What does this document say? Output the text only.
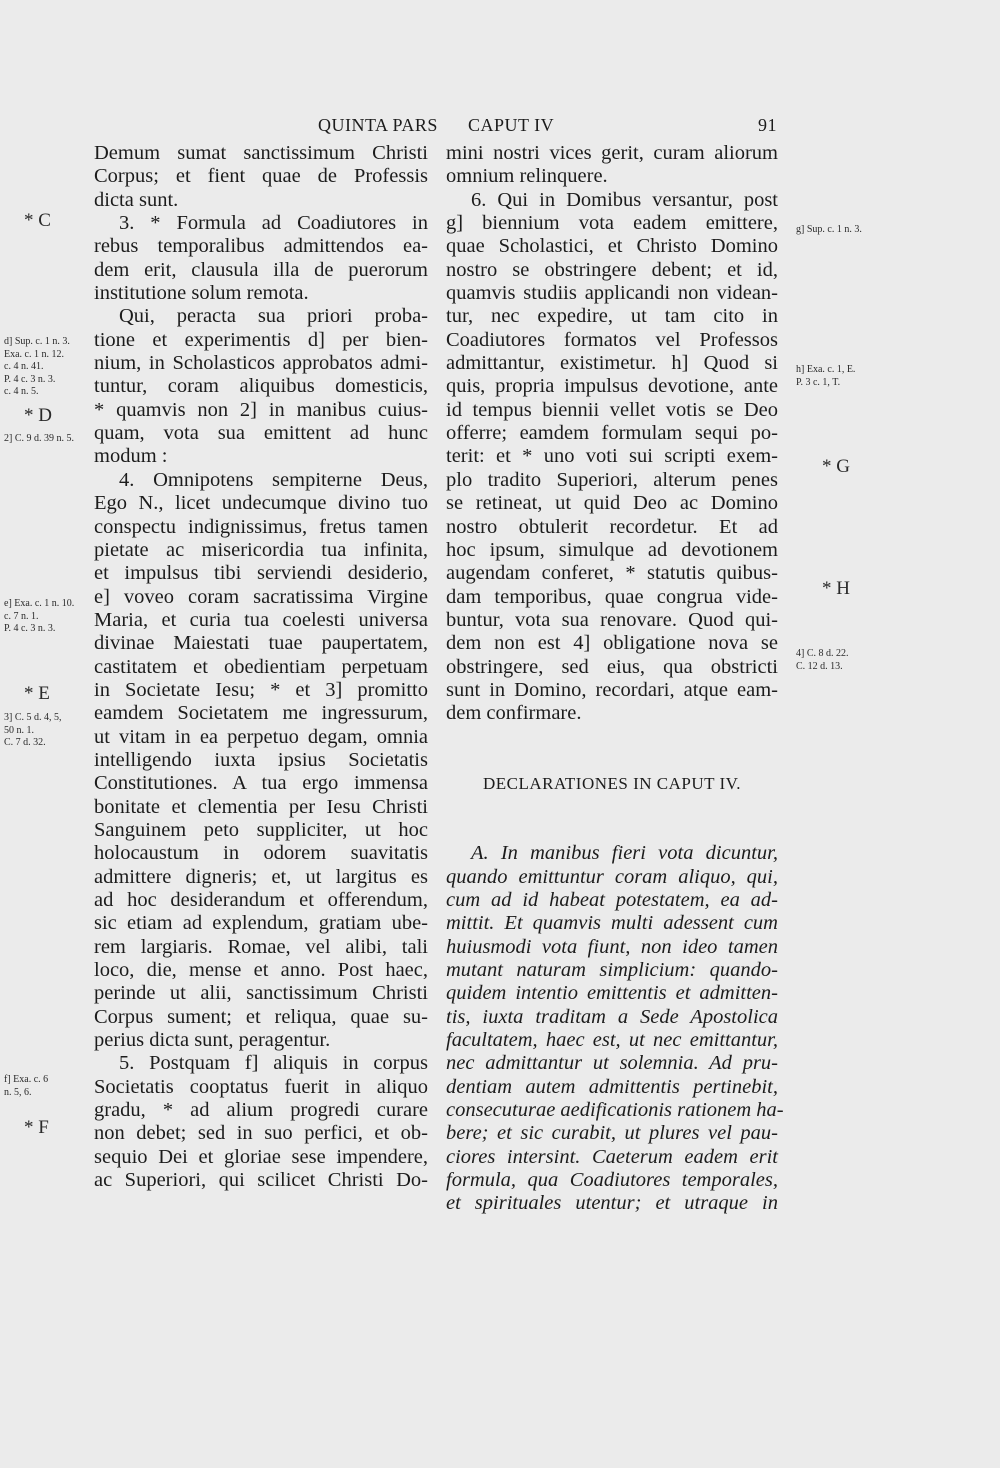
QUINTA PARS CAPUT IV	91
Demum sumat sanctissimum Christi
Corpus; et fient quae de Professis
dicta sunt.
3. * Formula ad Coadiutores in
rebus temporalibus admittendos ea-
dem erit, clausula illa de puerorum
institutione solum remota.
Qui, peracta sua priori proba-
tione et experimentis d] per bien-
nium, in Scholasticos approbatos admi-
tuntur, coram aliquibus domesticis,
* quamvis non 2] in manibus cuius-
quam, vota sua emittent ad hunc
modum :
4. Omnipotens sempiterne Deus,
Ego N., licet undecumque divino tuo
conspectu indignissimus, fretus tamen
pietate ac misericordia tua infinita,
et impulsus tibi serviendi desiderio,
e] voveo coram sacratissima Virgine
Maria, et curia tua coelesti universa
divinae Maiestati tuae paupertatem,
castitatem et obedientiam perpetuam
in Societate Iesu; * et 3] promitto
eamdem Societatem me ingressurum,
ut vitam in ea perpetuo degam, omnia
intelligendo iuxta ipsius Societatis
Constitutiones. A tua ergo immensa
bonitate et clementia per Iesu Christi
Sanguinem peto suppliciter, ut hoc
holocaustum in odorem suavitatis
admittere digneris; et, ut largitus es
ad hoc desiderandum et offerendum,
sic etiam ad explendum, gratiam ube-
rem largiaris. Romae, vel alibi, tali
loco, die, mense et anno. Post haec,
perinde ut alii, sanctissimum Christi
Corpus sument; et reliqua, quae su-
perius dicta sunt, peragentur.
5. Postquam f] aliquis in corpus
Societatis cooptatus fuerit in aliquo
gradu, * ad alium progredi curare
non debet; sed in suo perfici, et ob-
sequio Dei et gloriae sese impendere,
ac Superiori, qui scilicet Christi Do-
mini nostri vices gerit, curam aliorum
omnium relinquere.
6. Qui in Domibus versantur, post
g] biennium vota eadem emittere,
quae Scholastici, et Christo Domino
nostro se obstringere debent; et id,
quamvis studiis applicandi non videan-
tur, nec expedire, ut tam cito in
Coadiutores formatos vel Professos
admittantur, existimetur. h] Quod si
quis, propria impulsus devotione, ante
id tempus biennii vellet votis se Deo
offerre; eamdem formulam sequi po-
terit: et * uno voti sui scripti exem-
plo tradito Superiori, alterum penes
se retineat, ut quid Deo ac Domino
nostro obtulerit recordetur. Et ad
hoc ipsum, simulque ad devotionem
augendam conferet, * statutis quibus-
dam temporibus, quae congrua vide-
buntur, vota sua renovare. Quod qui-
dem non est 4] obligatione nova se
obstringere, sed eius, qua obstricti
sunt in Domino, recordari, atque eam-
dem confirmare.
DECLARATIONES IN CAPUT IV.
A. In manibus fieri vota dicuntur,
quando emittuntur coram aliquo, qui,
cum ad id habeat potestatem, ea ad-
mittit. Et quamvis multi adessent cum
huiusmodi vota fiunt, non ideo tamen
mutant naturam simplicium: quando-
quidem intentio emittentis et admitten-
tis, iuxta traditam a Sede Apostolica
facultatem, haec est, ut nec emittantur,
nec admittantur ut solemnia. Ad pru-
dentiam autem admittentis pertinebit,
consecuturae aedificationis rationem ha-
bere; et sic curabit, ut plures vel pau-
ciores intersint. Caeterum eadem erit
formula, qua Coadiutores temporales,
et spirituales utentur; et utraque in
* C
d] Sup. c. 1 n. 3.
Exa. c. 1 n. 12.
c. 4 n. 41.
P. 4 c. 3 n. 3.
c. 4 n. 5.
* D
2] C. 9 d. 39 n. 5.
e] Exa. c. 1 n. 10.
c. 7 n. 1.
P. 4 c. 3 n. 3.
* E
3] C. 5 d. 4, 5,
50 n. 1.
C. 7 d. 32.
f] Exa. c. 6
n. 5, 6.
* F
g] Sup. c. 1 n. 3.
h] Exa. c. 1, E.
P. 3 c. 1, T.
* G
* H
4] C. 8 d. 22.
C. 12 d. 13.
